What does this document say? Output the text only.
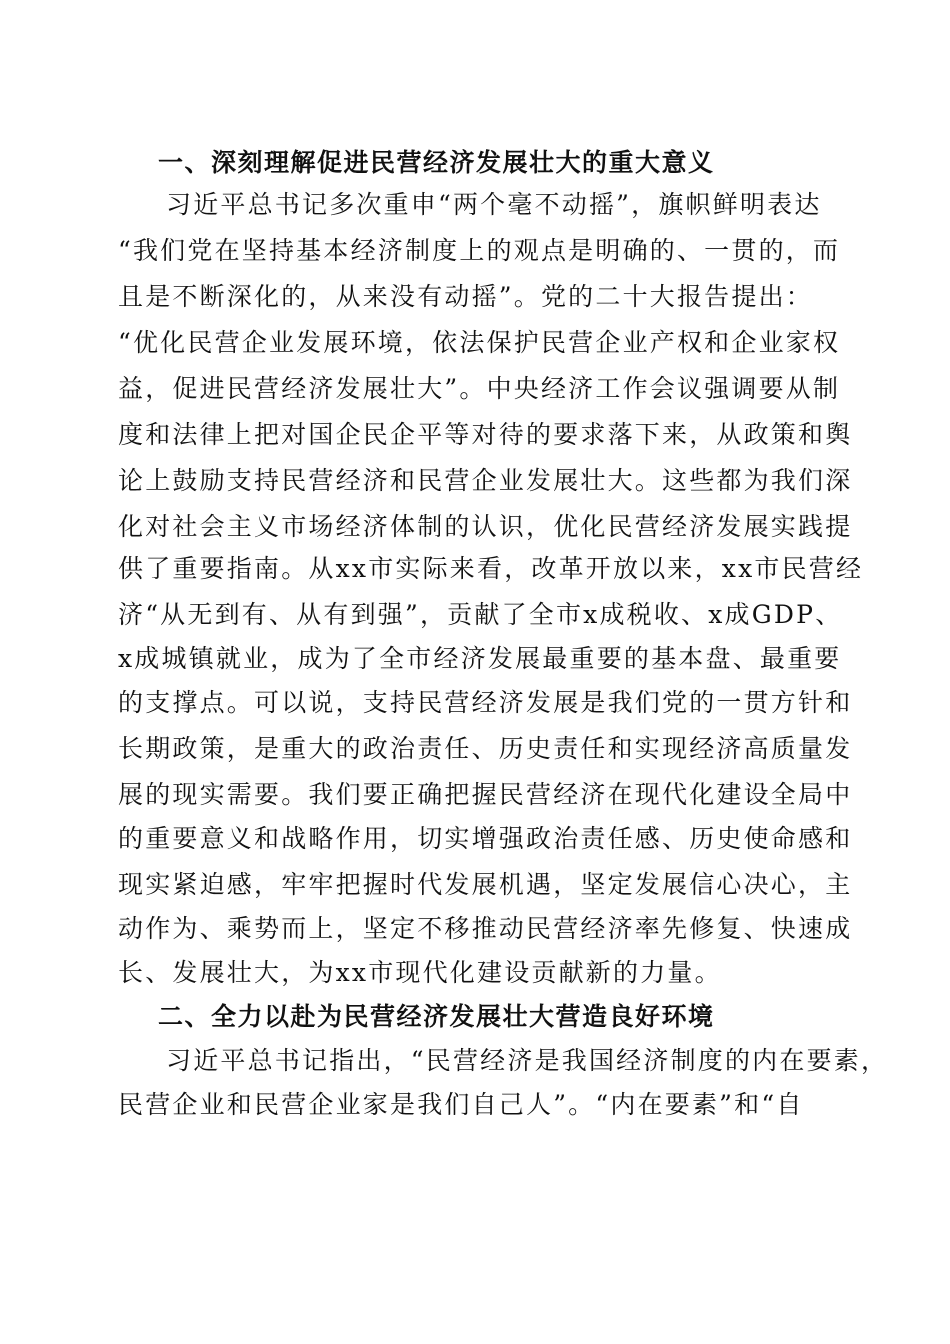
一、深刻理解促进民营经济发展壮大的重大意义
习近平总书记多次重申“两个毫不动摇”，旗帜鲜明表达
“我们党在坚持基本经济制度上的观点是明确的、一贯的，而
且是不断深化的，从来没有动摇”。党的二十大报告提出：
“优化民营企业发展环境，依法保护民营企业产权和企业家权
益，促进民营经济发展壮大”。中央经济工作会议强调要从制
度和法律上把对国企民企平等对待的要求落下来，从政策和舆
论上鼓励支持民营经济和民营企业发展壮大。这些都为我们深
化对社会主义市场经济体制的认识，优化民营经济发展实践提
供了重要指南。从xx市实际来看，改革开放以来，xx市民营经
济“从无到有、从有到强”，贡献了全市x成税收、x成GDP、
x成城镇就业，成为了全市经济发展最重要的基本盘、最重要
的支撑点。可以说，支持民营经济发展是我们党的一贯方针和
长期政策，是重大的政治责任、历史责任和实现经济高质量发
展的现实需要。我们要正确把握民营经济在现代化建设全局中
的重要意义和战略作用，切实增强政治责任感、历史使命感和
现实紧迫感，牢牢把握时代发展机遇，坚定发展信心决心，主
动作为、乘势而上，坚定不移推动民营经济率先修复、快速成
长、发展壮大，为xx市现代化建设贡献新的力量。
二、全力以赴为民营经济发展壮大营造良好环境
习近平总书记指出，“民营经济是我国经济制度的内在要素，
民营企业和民营企业家是我们自己人”。“内在要素”和“自
